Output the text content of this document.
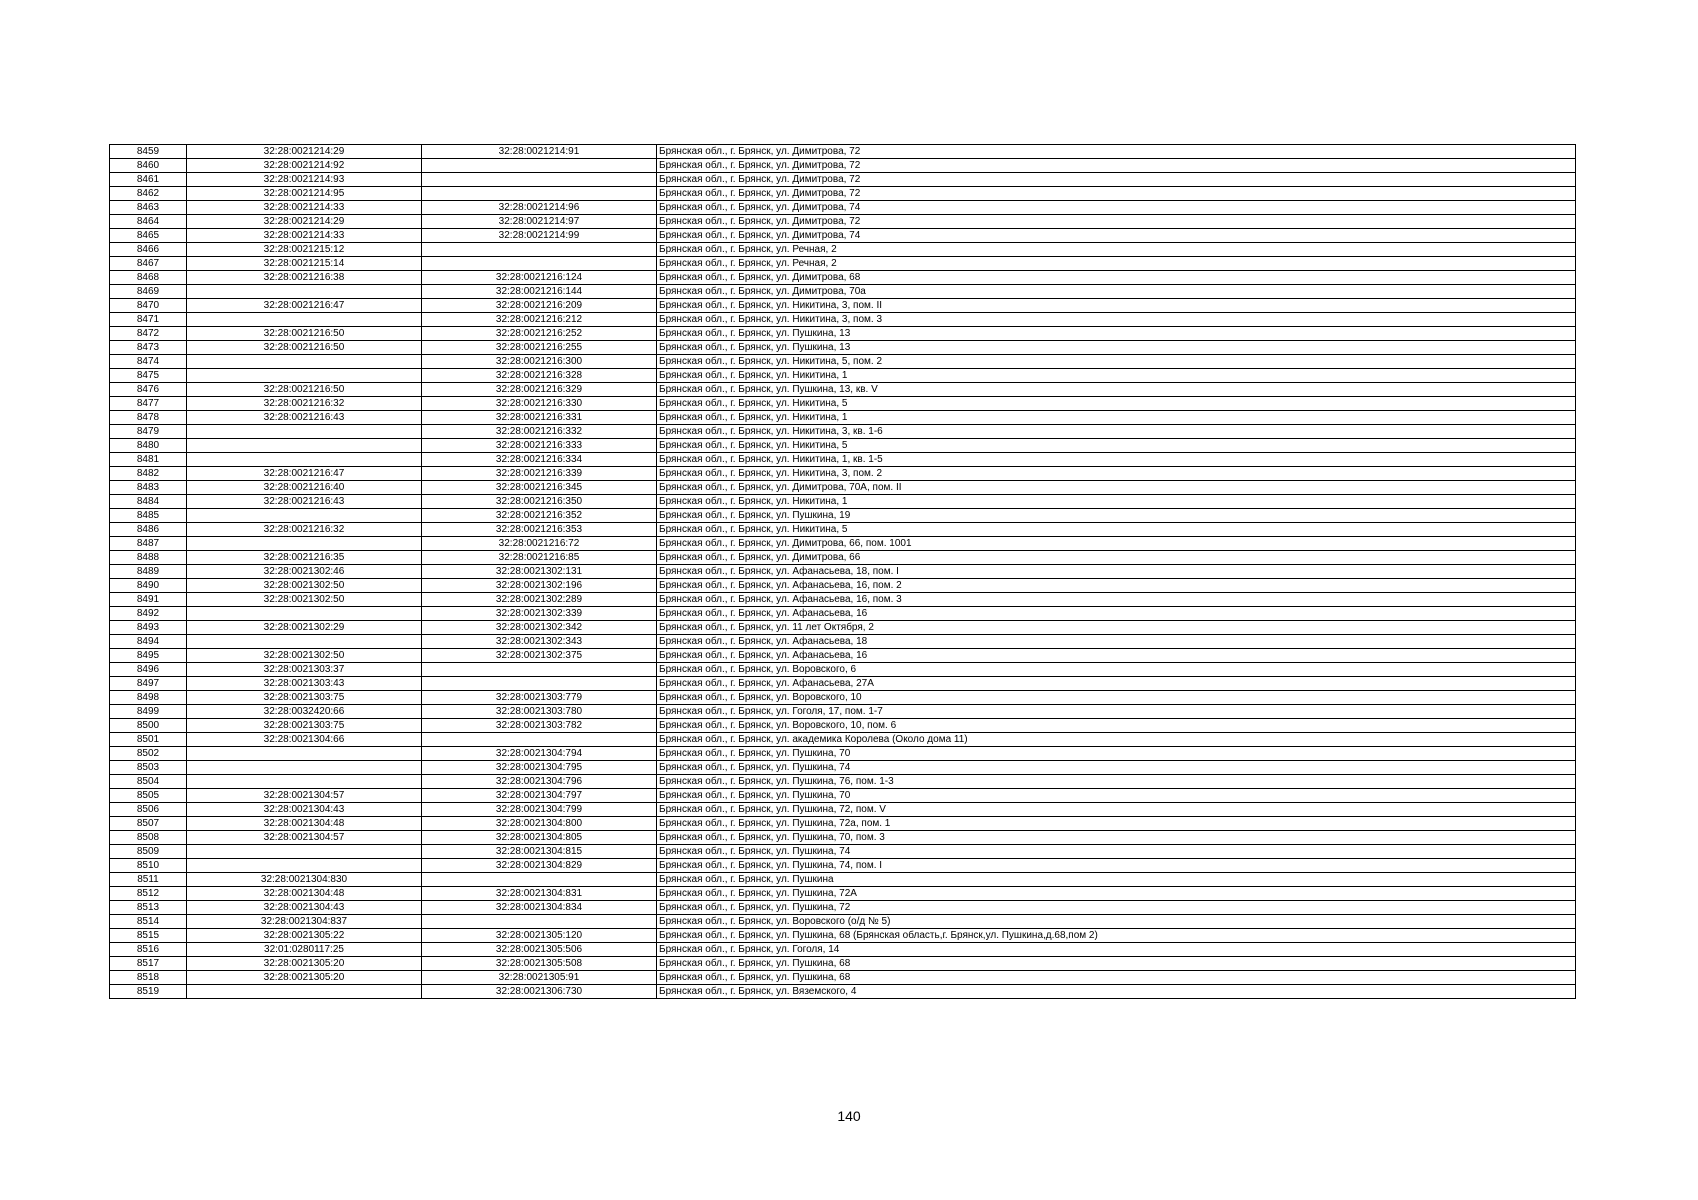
8459	32:28:0021214:29	32:28:0021214:91	Брянская обл., г. Брянск, ул. Димитрова, 72
8460	32:28:0021214:92		Брянская обл., г. Брянск, ул. Димитрова, 72
8461	32:28:0021214:93		Брянская обл., г. Брянск, ул. Димитрова, 72
8462	32:28:0021214:95		Брянская обл., г. Брянск, ул. Димитрова, 72
8463	32:28:0021214:33	32:28:0021214:96	Брянская обл., г. Брянск, ул. Димитрова, 74
8464	32:28:0021214:29	32:28:0021214:97	Брянская обл., г. Брянск, ул. Димитрова, 72
8465	32:28:0021214:33	32:28:0021214:99	Брянская обл., г. Брянск, ул. Димитрова, 74
8466	32:28:0021215:12		Брянская обл., г. Брянск, ул. Речная, 2
8467	32:28:0021215:14		Брянская обл., г. Брянск, ул. Речная, 2
8468	32:28:0021216:38	32:28:0021216:124	Брянская обл., г. Брянск, ул. Димитрова, 68
8469		32:28:0021216:144	Брянская обл., г. Брянск, ул. Димитрова, 70а
8470	32:28:0021216:47	32:28:0021216:209	Брянская обл., г. Брянск, ул. Никитина, 3, пом. II
8471		32:28:0021216:212	Брянская обл., г. Брянск, ул. Никитина, 3, пом. 3
8472	32:28:0021216:50	32:28:0021216:252	Брянская обл., г. Брянск, ул. Пушкина, 13
8473	32:28:0021216:50	32:28:0021216:255	Брянская обл., г. Брянск, ул. Пушкина, 13
8474		32:28:0021216:300	Брянская обл., г. Брянск, ул. Никитина, 5, пом. 2
8475		32:28:0021216:328	Брянская обл., г. Брянск, ул. Никитина, 1
8476	32:28:0021216:50	32:28:0021216:329	Брянская обл., г. Брянск, ул. Пушкина, 13, кв. V
8477	32:28:0021216:32	32:28:0021216:330	Брянская обл., г. Брянск, ул. Никитина, 5
8478	32:28:0021216:43	32:28:0021216:331	Брянская обл., г. Брянск, ул. Никитина, 1
8479		32:28:0021216:332	Брянская обл., г. Брянск, ул. Никитина, 3, кв. 1-6
8480		32:28:0021216:333	Брянская обл., г. Брянск, ул. Никитина, 5
8481		32:28:0021216:334	Брянская обл., г. Брянск, ул. Никитина, 1, кв. 1-5
8482	32:28:0021216:47	32:28:0021216:339	Брянская обл., г. Брянск, ул. Никитина, 3, пом. 2
8483	32:28:0021216:40	32:28:0021216:345	Брянская обл., г. Брянск, ул. Димитрова, 70А, пом. II
8484	32:28:0021216:43	32:28:0021216:350	Брянская обл., г. Брянск, ул. Никитина, 1
8485		32:28:0021216:352	Брянская обл., г. Брянск, ул. Пушкина, 19
8486	32:28:0021216:32	32:28:0021216:353	Брянская обл., г. Брянск, ул. Никитина, 5
8487		32:28:0021216:72	Брянская обл., г. Брянск, ул. Димитрова, 66, пом. 1001
8488	32:28:0021216:35	32:28:0021216:85	Брянская обл., г. Брянск, ул. Димитрова, 66
8489	32:28:0021302:46	32:28:0021302:131	Брянская обл., г. Брянск, ул. Афанасьева, 18, пом. I
8490	32:28:0021302:50	32:28:0021302:196	Брянская обл., г. Брянск, ул. Афанасьева, 16, пом. 2
8491	32:28:0021302:50	32:28:0021302:289	Брянская обл., г. Брянск, ул. Афанасьева, 16, пом. 3
8492		32:28:0021302:339	Брянская обл., г. Брянск, ул. Афанасьева, 16
8493	32:28:0021302:29	32:28:0021302:342	Брянская обл., г. Брянск, ул. 11 лет Октября, 2
8494		32:28:0021302:343	Брянская обл., г. Брянск, ул. Афанасьева, 18
8495	32:28:0021302:50	32:28:0021302:375	Брянская обл., г. Брянск, ул. Афанасьева, 16
8496	32:28:0021303:37		Брянская обл., г. Брянск, ул. Воровского, 6
8497	32:28:0021303:43		Брянская обл., г. Брянск, ул. Афанасьева, 27А
8498	32:28:0021303:75	32:28:0021303:779	Брянская обл., г. Брянск, ул. Воровского, 10
8499	32:28:0032420:66	32:28:0021303:780	Брянская обл., г. Брянск, ул. Гоголя, 17, пом. 1-7
8500	32:28:0021303:75	32:28:0021303:782	Брянская обл., г. Брянск, ул. Воровского, 10, пом. 6
8501	32:28:0021304:66		Брянская обл., г. Брянск, ул. академика Королева (Около дома 11)
8502		32:28:0021304:794	Брянская обл., г. Брянск, ул. Пушкина, 70
8503		32:28:0021304:795	Брянская обл., г. Брянск, ул. Пушкина, 74
8504		32:28:0021304:796	Брянская обл., г. Брянск, ул. Пушкина, 76, пом. 1-3
8505	32:28:0021304:57	32:28:0021304:797	Брянская обл., г. Брянск, ул. Пушкина, 70
8506	32:28:0021304:43	32:28:0021304:799	Брянская обл., г. Брянск, ул. Пушкина, 72, пом. V
8507	32:28:0021304:48	32:28:0021304:800	Брянская обл., г. Брянск, ул. Пушкина, 72а, пом. 1
8508	32:28:0021304:57	32:28:0021304:805	Брянская обл., г. Брянск, ул. Пушкина, 70, пом. 3
8509		32:28:0021304:815	Брянская обл., г. Брянск, ул. Пушкина, 74
8510		32:28:0021304:829	Брянская обл., г. Брянск, ул. Пушкина, 74, пом. I
8511	32:28:0021304:830		Брянская обл., г. Брянск, ул. Пушкина
8512	32:28:0021304:48	32:28:0021304:831	Брянская обл., г. Брянск, ул. Пушкина, 72А
8513	32:28:0021304:43	32:28:0021304:834	Брянская обл., г. Брянск, ул. Пушкина, 72
8514	32:28:0021304:837		Брянская обл., г. Брянск, ул. Воровского (о/д № 5)
8515	32:28:0021305:22	32:28:0021305:120	Брянская обл., г. Брянск, ул. Пушкина, 68 (Брянская область,г. Брянск,ул. Пушкина,д.68,пом 2)
8516	32:01:0280117:25	32:28:0021305:506	Брянская обл., г. Брянск, ул. Гоголя, 14
8517	32:28:0021305:20	32:28:0021305:508	Брянская обл., г. Брянск, ул. Пушкина, 68
8518	32:28:0021305:20	32:28:0021305:91	Брянская обл., г. Брянск, ул. Пушкина, 68
8519		32:28:0021306:730	Брянская обл., г. Брянск, ул. Вяземского, 4
140
